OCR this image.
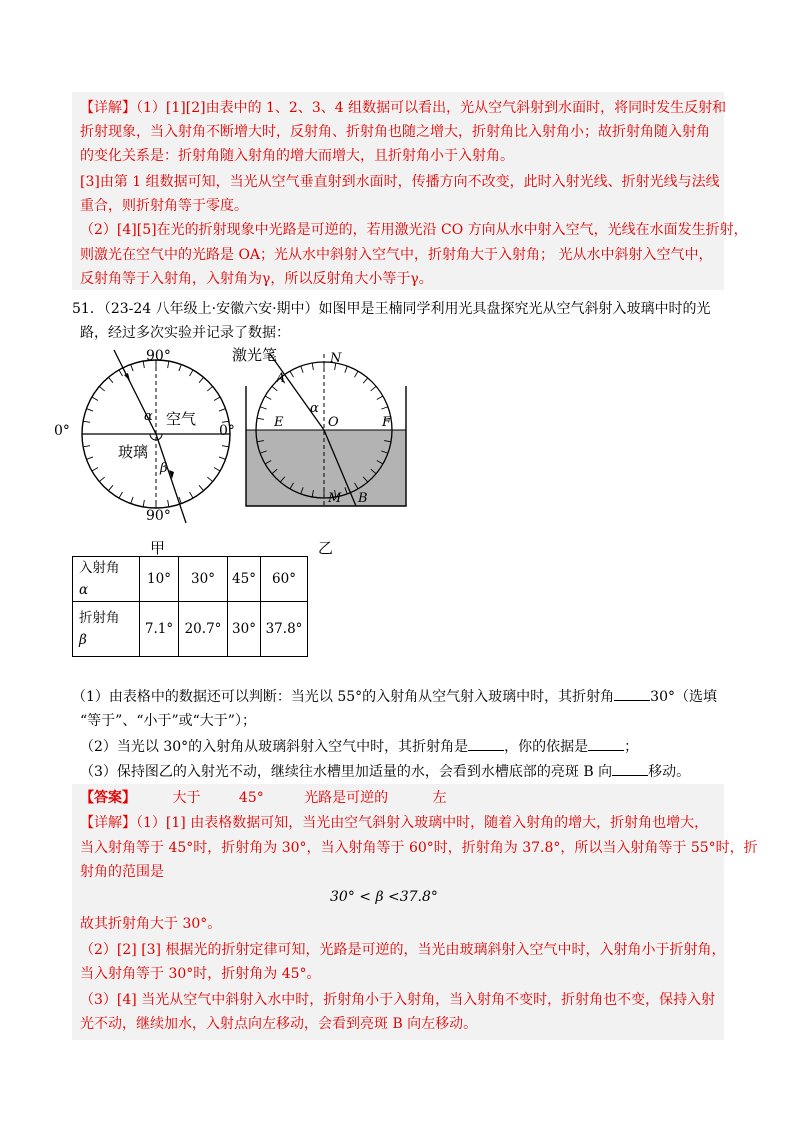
【详解】（1）[1][2]由表中的 1、2、3、4 组数据可以看出，光从空气斜射到水面时，将同时发生反射和
折射现象，当入射角不断增大时，反射角、折射角也随之增大，折射角比入射角小；故折射角随入射角
的变化关系是：折射角随入射角的增大而增大，且折射角小于入射角。
[3]由第 1 组数据可知，当光从空气垂直射到水面时，传播方向不改变，此时入射光线、折射光线与法线
重合，则折射角等于零度。
（2）[4][5]在光的折射现象中光路是可逆的，若用激光沿 CO 方向从水中射入空气，光线在水面发生折射，
则激光在空气中的光路是 OA；光从水中斜射入空气中，折射角大于入射角； 光从水中斜射入空气中，
反射角等于入射角，入射角为γ，所以反射角大小等于γ。
51．（23-24 八年级上·安徽六安·期中）如图甲是王楠同学利用光具盘探究光从空气斜射入玻璃中时的光
路，经过多次实验并记录了数据：
90°
90°
α
β
空气
玻璃
0°	0°
激光笔
A
N
E	O	F
M B
α
甲	乙
入射角
α	10°	30°	45°	60°
折射角
β	7.1°	20.7°	30°	37.8°
（1）由表格中的数据还可以判断：当光以 55°的入射角从空气射入玻璃中时，其折射角	30°（选填
“等于”、“小于”或“大于”）；
（2）当光以 30°的入射角从玻璃斜射入空气中时，其折射角是	，你的依据是	；
（3）保持图乙的入射光不动，继续往水槽里加适量的水，会看到水槽底部的亮斑 B 向	移动。
【答案】	大于	45°	光路是可逆的	左
【详解】（1）[1] 由表格数据可知，当光由空气斜射入玻璃中时，随着入射角的增大，折射角也增大，
当入射角等于 45°时，折射角为 30°，当入射角等于 60°时，折射角为 37.8°，所以当入射角等于 55°时，折
射角的范围是
30° < β <37.8°
故其折射角大于 30°。
（2）[2] [3] 根据光的折射定律可知，光路是可逆的，当光由玻璃斜射入空气中时，入射角小于折射角，
当入射角等于 30°时，折射角为 45°。
（3）[4] 当光从空气中斜射入水中时，折射角小于入射角，当入射角不变时，折射角也不变，保持入射
光不动，继续加水，入射点向左移动，会看到亮斑 B 向左移动。
